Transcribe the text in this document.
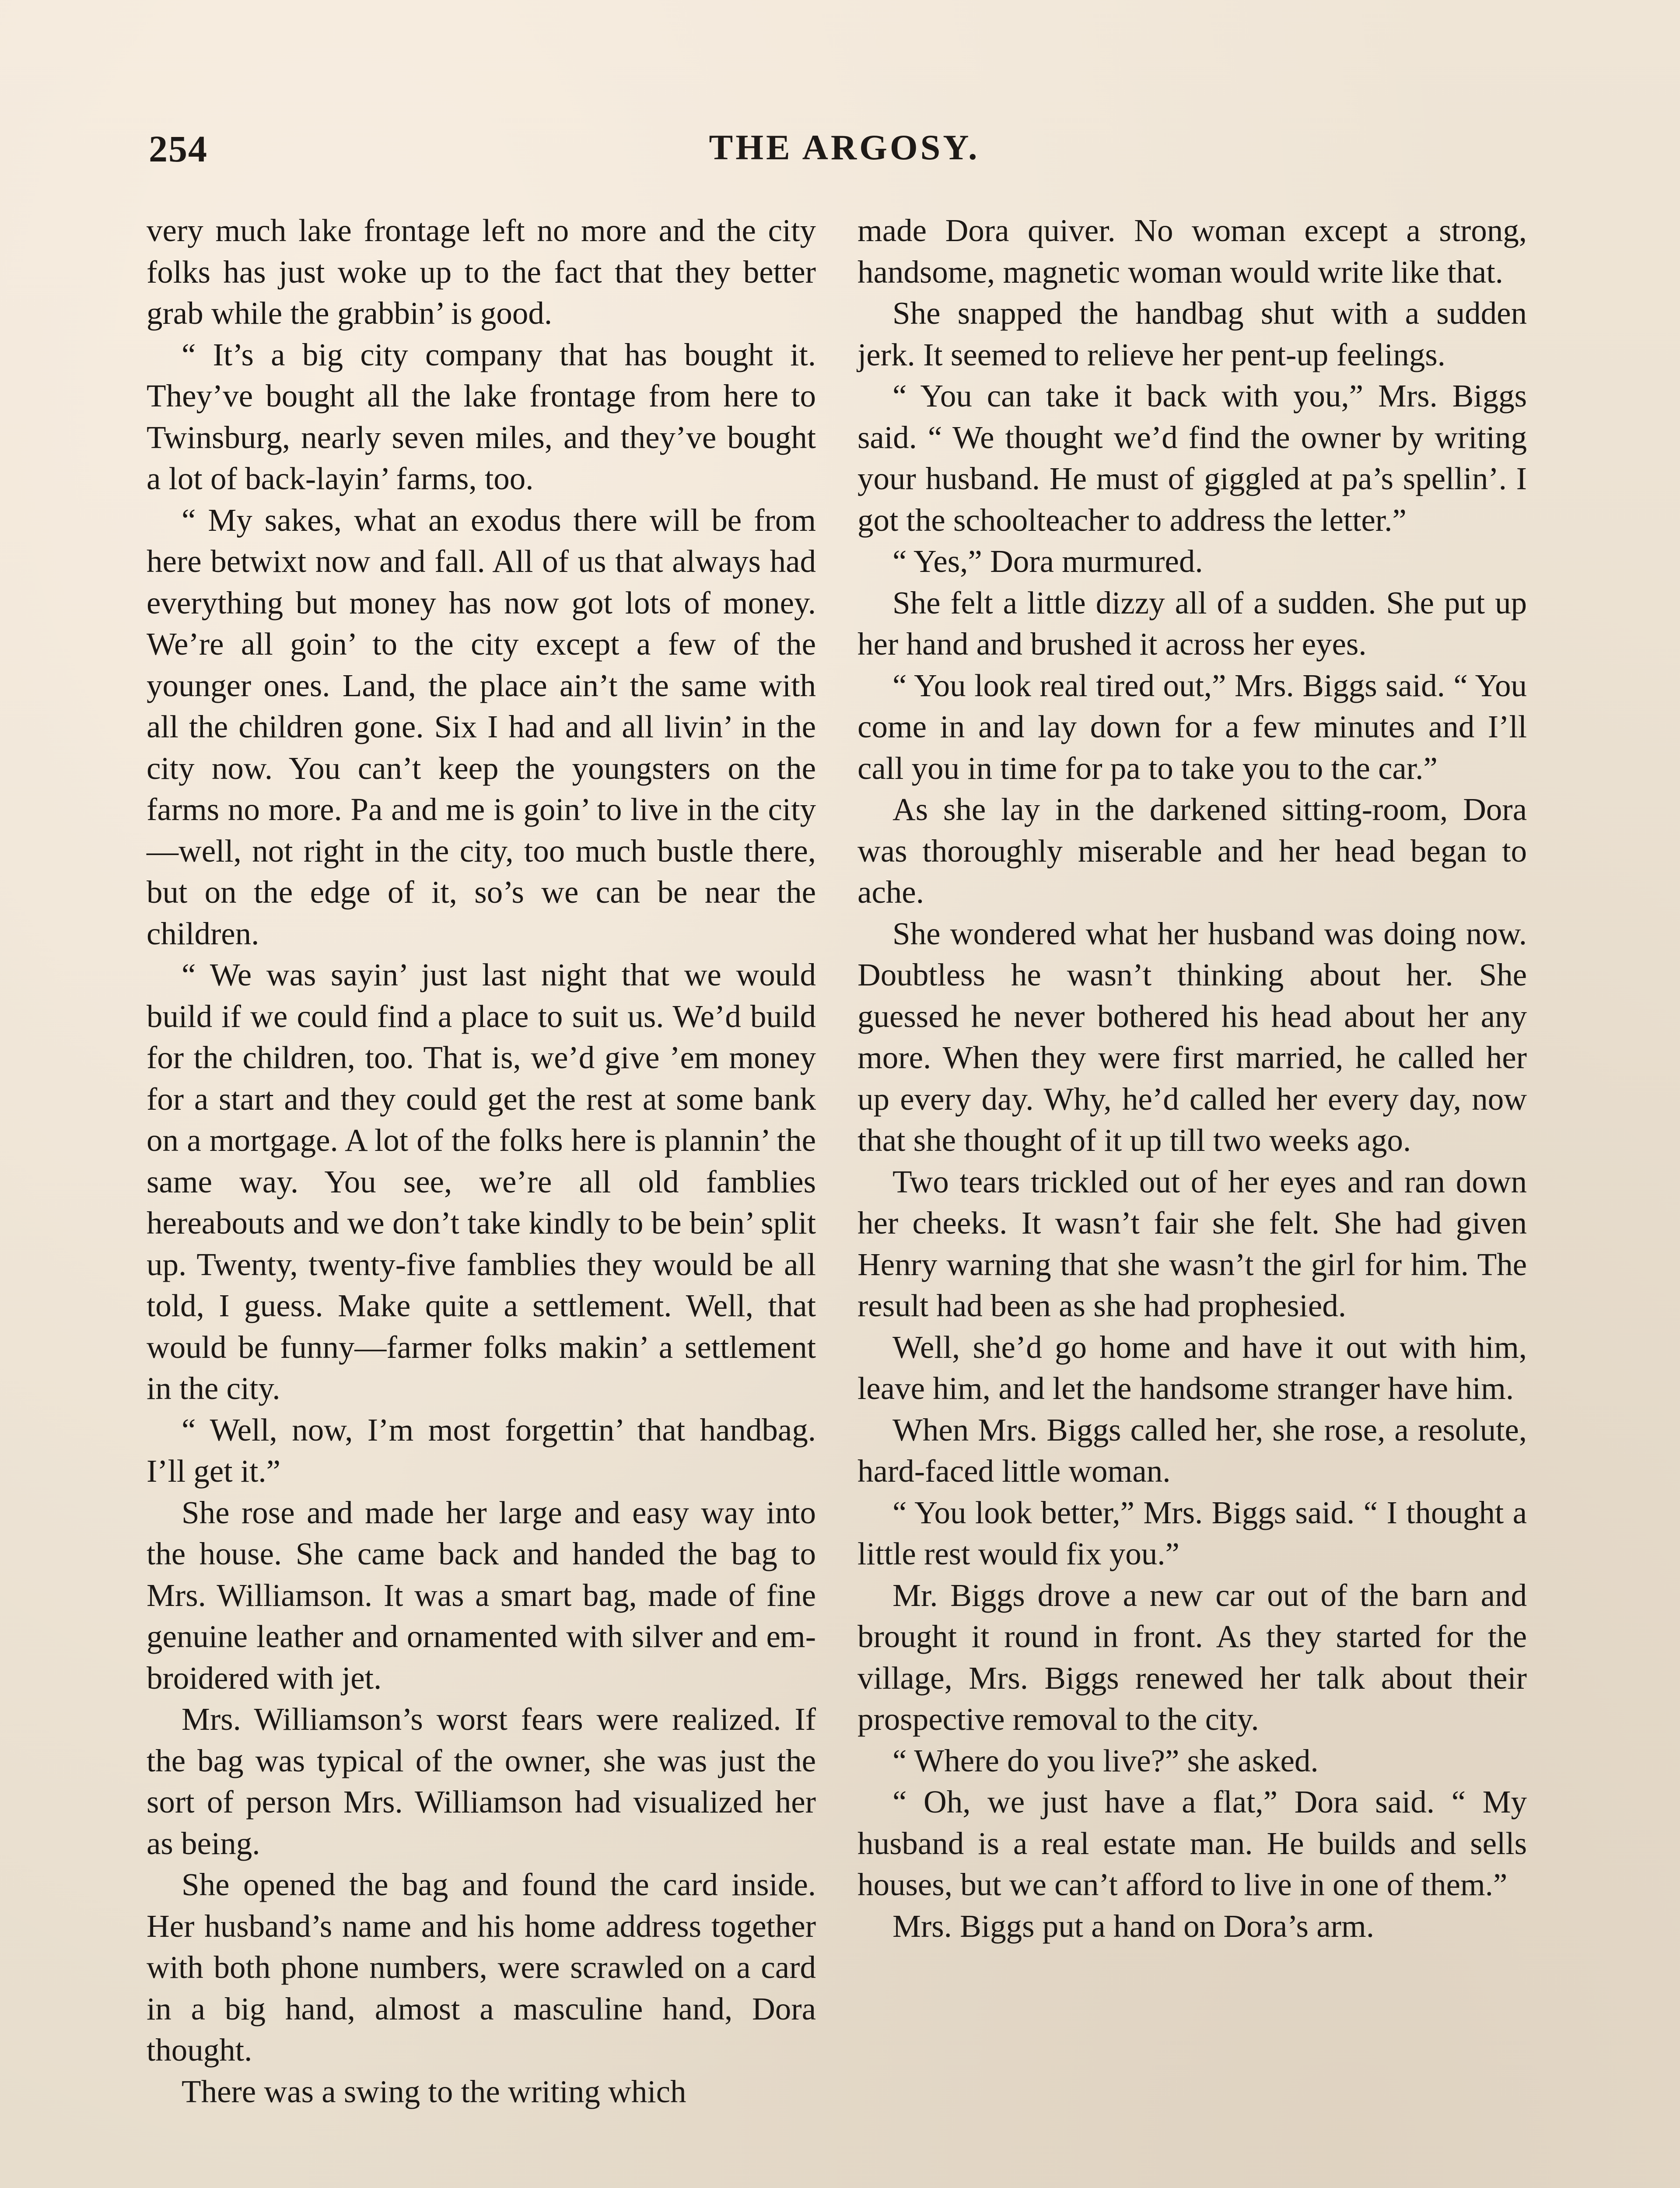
254	THE ARGOSY.

very much lake frontage left no more and the city folks has just woke up to the fact that they better grab while the grabbin’ is good.

“ It’s a big city company that has bought it. They’ve bought all the lake frontage from here to Twinsburg, nearly seven miles, and they’ve bought a lot of back-layin’ farms, too.

“ My sakes, what an exodus there will be from here betwixt now and fall. All of us that always had everything but money has now got lots of money. We’re all goin’ to the city except a few of the younger ones. Land, the place ain’t the same with all the children gone. Six I had and all livin’ in the city now. You can’t keep the youngsters on the farms no more. Pa and me is goin’ to live in the city—well, not right in the city, too much bustle there, but on the edge of it, so’s we can be near the children.

“ We was sayin’ just last night that we would build if we could find a place to suit us. We’d build for the children, too. That is, we’d give ’em money for a start and they could get the rest at some bank on a mortgage. A lot of the folks here is plannin’ the same way. You see, we’re all old famblies hereabouts and we don’t take kindly to be bein’ split up. Twenty, twenty-five famblies they would be all told, I guess. Make quite a settlement. Well, that would be funny—farmer folks makin’ a settlement in the city.

“ Well, now, I’m most forgettin’ that handbag. I’ll get it.”

She rose and made her large and easy way into the house. She came back and handed the bag to Mrs. Williamson. It was a smart bag, made of fine genuine leather and ornamented with silver and embroidered with jet.

Mrs. Williamson’s worst fears were realized. If the bag was typical of the owner, she was just the sort of person Mrs. Williamson had visualized her as being.

She opened the bag and found the card inside. Her husband’s name and his home address together with both phone numbers, were scrawled on a card in a big hand, almost a masculine hand, Dora thought.

There was a swing to the writing which

made Dora quiver. No woman except a strong, handsome, magnetic woman would write like that.

She snapped the handbag shut with a sudden jerk. It seemed to relieve her pent-up feelings.

“ You can take it back with you,” Mrs. Biggs said. “ We thought we’d find the owner by writing your husband. He must of giggled at pa’s spellin’. I got the schoolteacher to address the letter.”

“ Yes,” Dora murmured.

She felt a little dizzy all of a sudden. She put up her hand and brushed it across her eyes.

“ You look real tired out,” Mrs. Biggs said. “ You come in and lay down for a few minutes and I’ll call you in time for pa to take you to the car.”

As she lay in the darkened sitting-room, Dora was thoroughly miserable and her head began to ache.

She wondered what her husband was doing now. Doubtless he wasn’t thinking about her. She guessed he never bothered his head about her any more. When they were first married, he called her up every day. Why, he’d called her every day, now that she thought of it up till two weeks ago.

Two tears trickled out of her eyes and ran down her cheeks. It wasn’t fair she felt. She had given Henry warning that she wasn’t the girl for him. The result had been as she had prophesied.

Well, she’d go home and have it out with him, leave him, and let the handsome stranger have him.

When Mrs. Biggs called her, she rose, a resolute, hard-faced little woman.

“ You look better,” Mrs. Biggs said. “ I thought a little rest would fix you.”

Mr. Biggs drove a new car out of the barn and brought it round in front. As they started for the village, Mrs. Biggs renewed her talk about their prospective removal to the city.

“ Where do you live?” she asked.

“ Oh, we just have a flat,” Dora said. “ My husband is a real estate man. He builds and sells houses, but we can’t afford to live in one of them.”

Mrs. Biggs put a hand on Dora’s arm.
